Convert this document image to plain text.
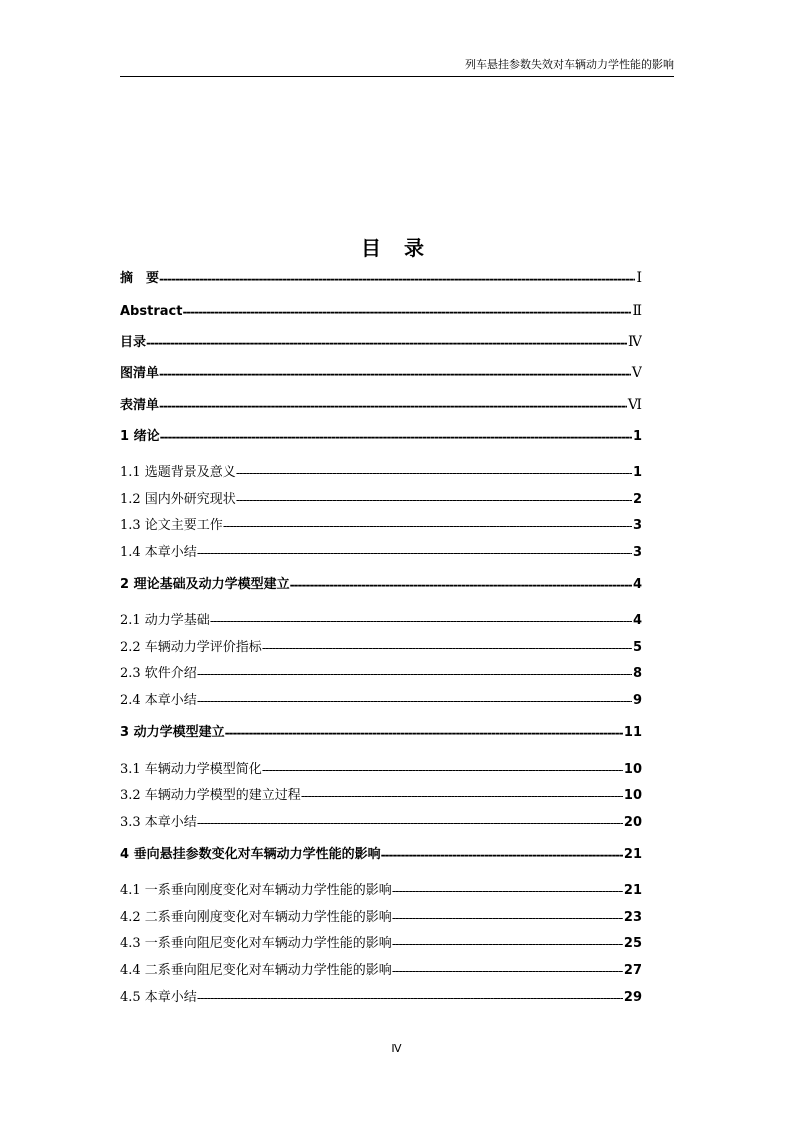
列车悬挂参数失效对车辆动力学性能的影响
目 录
摘　要 -----	Ⅰ
Abstract -----	Ⅱ
目录 -----	Ⅳ
图清单 -----	Ⅴ
表清单 -----	Ⅵ
1 绪论 -----	1
1.1 选题背景及意义 -----	1
1.2 国内外研究现状 -----	2
1.3 论文主要工作 -----	3
1.4 本章小结 -----	3
2 理论基础及动力学模型建立 -----	4
2.1 动力学基础 -----	4
2.2 车辆动力学评价指标 -----	5
2.3 软件介绍 -----	8
2.4 本章小结 -----	9
3 动力学模型建立 -----	11
3.1 车辆动力学模型简化 -----	10
3.2 车辆动力学模型的建立过程 -----	10
3.3 本章小结 -----	20
4 垂向悬挂参数变化对车辆动力学性能的影响 -----	21
4.1 一系垂向刚度变化对车辆动力学性能的影响 -----	21
4.2 二系垂向刚度变化对车辆动力学性能的影响 -----	23
4.3 一系垂向阻尼变化对车辆动力学性能的影响 -----	25
4.4 二系垂向阻尼变化对车辆动力学性能的影响 -----	27
4.5 本章小结 -----	29
Ⅳ
